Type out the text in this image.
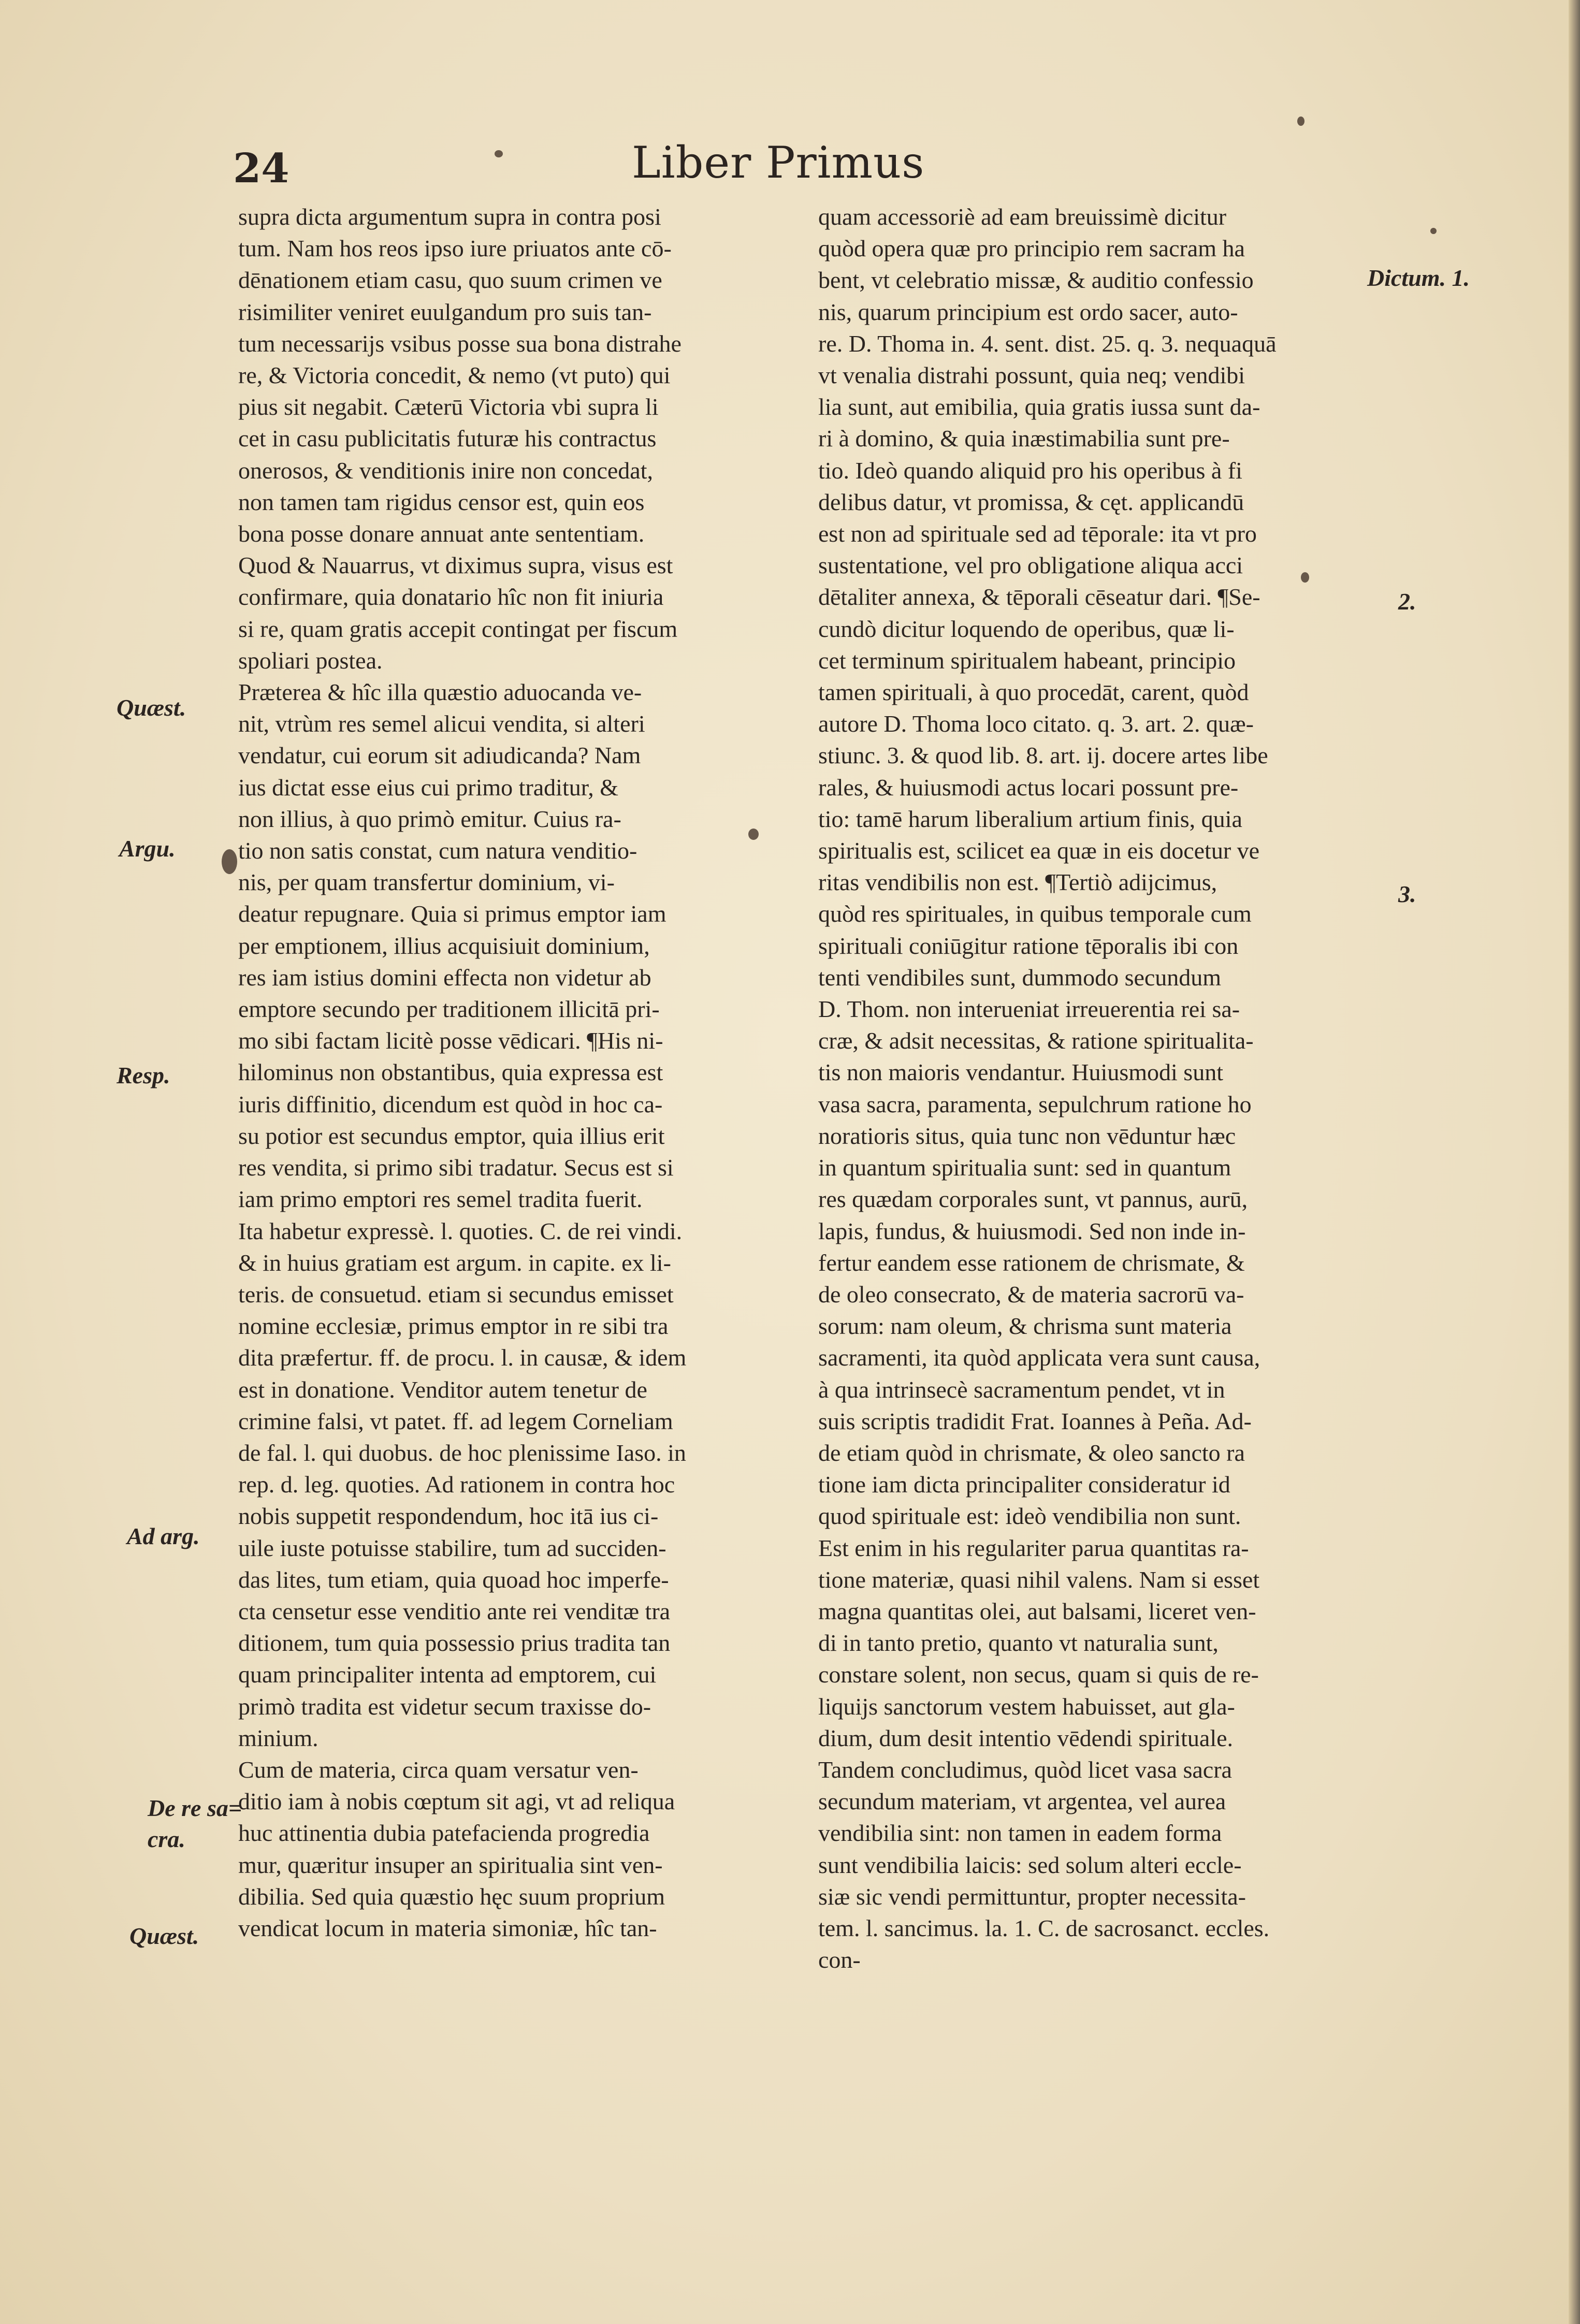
24	Liber Primus
supra dicta argumentum supra in contra posi
tum. Nam hos reos ipso iure priuatos ante cō-
dēnationem etiam casu, quo suum crimen ve
risimiliter veniret euulgandum pro suis tan-
tum necessarijs vsibus posse sua bona distrahe
re, & Victoria concedit, & nemo (vt puto) qui
pius sit negabit. Cæterū Victoria vbi supra li
cet in casu publicitatis futuræ his contractus
onerosos, & venditionis inire non concedat,
non tamen tam rigidus censor est, quin eos
bona posse donare annuat ante sententiam.
Quod & Nauarrus, vt diximus supra, visus est
confirmare, quia donatario hîc non fit iniuria
si re, quam gratis accepit contingat per fiscum
spoliari postea.
Præterea & hîc illa quæstio aduocanda ve-
nit, vtrùm res semel alicui vendita, si alteri
vendatur, cui eorum sit adiudicanda? Nam
ius dictat esse eius cui primo traditur, &
non illius, à quo primò emitur. Cuius ra-
tio non satis constat, cum natura venditio-
nis, per quam transfertur dominium, vi-
deatur repugnare. Quia si primus emptor iam
per emptionem, illius acquisiuit dominium,
res iam istius domini effecta non videtur ab
emptore secundo per traditionem illicitā pri-
mo sibi factam licitè posse vēdicari. ¶His ni-
hilominus non obstantibus, quia expressa est
iuris diffinitio, dicendum est quòd in hoc ca-
su potior est secundus emptor, quia illius erit
res vendita, si primo sibi tradatur. Secus est si
iam primo emptori res semel tradita fuerit.
Ita habetur expressè. l. quoties. C. de rei vindi.
& in huius gratiam est argum. in capite. ex li-
teris. de consuetud. etiam si secundus emisset
nomine ecclesiæ, primus emptor in re sibi tra
dita præfertur. ff. de procu. l. in causæ, & idem
est in donatione. Venditor autem tenetur de
crimine falsi, vt patet. ff. ad legem Corneliam
de fal. l. qui duobus. de hoc plenissime Iaso. in
rep. d. leg. quoties. Ad rationem in contra hoc
nobis suppetit respondendum, hoc itā ius ci-
uile iuste potuisse stabilire, tum ad succiden-
das lites, tum etiam, quia quoad hoc imperfe-
cta censetur esse venditio ante rei venditæ tra
ditionem, tum quia possessio prius tradita tan
quam principaliter intenta ad emptorem, cui
primò tradita est videtur secum traxisse do-
minium.
Cum de materia, circa quam versatur ven-
ditio iam à nobis cœptum sit agi, vt ad reliqua
huc attinentia dubia patefacienda progredia
mur, quæritur insuper an spiritualia sint ven-
dibilia. Sed quia quæstio hęc suum proprium
vendicat locum in materia simoniæ, hîc tan-
quam accessoriè ad eam breuissimè dicitur
quòd opera quæ pro principio rem sacram ha
bent, vt celebratio missæ, & auditio confessio
nis, quarum principium est ordo sacer, auto-
re. D. Thoma in. 4. sent. dist. 25. q. 3. nequaquā
vt venalia distrahi possunt, quia neq; vendibi
lia sunt, aut emibilia, quia gratis iussa sunt da-
ri à domino, & quia inæstimabilia sunt pre-
tio. Ideò quando aliquid pro his operibus à fi
delibus datur, vt promissa, & cęt. applicandū
est non ad spirituale sed ad tēporale: ita vt pro
sustentatione, vel pro obligatione aliqua acci
dētaliter annexa, & tēporali cēseatur dari. ¶Se-
cundò dicitur loquendo de operibus, quæ li-
cet terminum spiritualem habeant, principio
tamen spirituali, à quo procedāt, carent, quòd
autore D. Thoma loco citato. q. 3. art. 2. quæ-
stiunc. 3. & quod lib. 8. art. ij. docere artes libe
rales, & huiusmodi actus locari possunt pre-
tio: tamē harum liberalium artium finis, quia
spiritualis est, scilicet ea quæ in eis docetur ve
ritas vendibilis non est. ¶Tertiò adijcimus,
quòd res spirituales, in quibus temporale cum
spirituali coniūgitur ratione tēporalis ibi con
tenti vendibiles sunt, dummodo secundum
D. Thom. non interueniat irreuerentia rei sa-
cræ, & adsit necessitas, & ratione spiritualita-
tis non maioris vendantur. Huiusmodi sunt
vasa sacra, paramenta, sepulchrum ratione ho
noratioris situs, quia tunc non vēduntur hæc
in quantum spiritualia sunt: sed in quantum
res quædam corporales sunt, vt pannus, aurū,
lapis, fundus, & huiusmodi. Sed non inde in-
fertur eandem esse rationem de chrismate, &
de oleo consecrato, & de materia sacrorū va-
sorum: nam oleum, & chrisma sunt materia
sacramenti, ita quòd applicata vera sunt causa,
à qua intrinsecè sacramentum pendet, vt in
suis scriptis tradidit Frat. Ioannes à Peña. Ad-
de etiam quòd in chrismate, & oleo sancto ra
tione iam dicta principaliter consideratur id
quod spirituale est: ideò vendibilia non sunt.
Est enim in his regulariter parua quantitas ra-
tione materiæ, quasi nihil valens. Nam si esset
magna quantitas olei, aut balsami, liceret ven-
di in tanto pretio, quanto vt naturalia sunt,
constare solent, non secus, quam si quis de re-
liquijs sanctorum vestem habuisset, aut gla-
dium, dum desit intentio vēdendi spirituale.
Tandem concludimus, quòd licet vasa sacra
secundum materiam, vt argentea, vel aurea
vendibilia sint: non tamen in eadem forma
sunt vendibilia laicis: sed solum alteri eccle-
siæ sic vendi permittuntur, propter necessita-
tem. l. sancimus. la. 1. C. de sacrosanct. eccles.
con-
Quæst.
Argu.
Resp.
Ad arg.
De re sa=
cra.
Quæst.
Dictum. 1.
2.
3.
